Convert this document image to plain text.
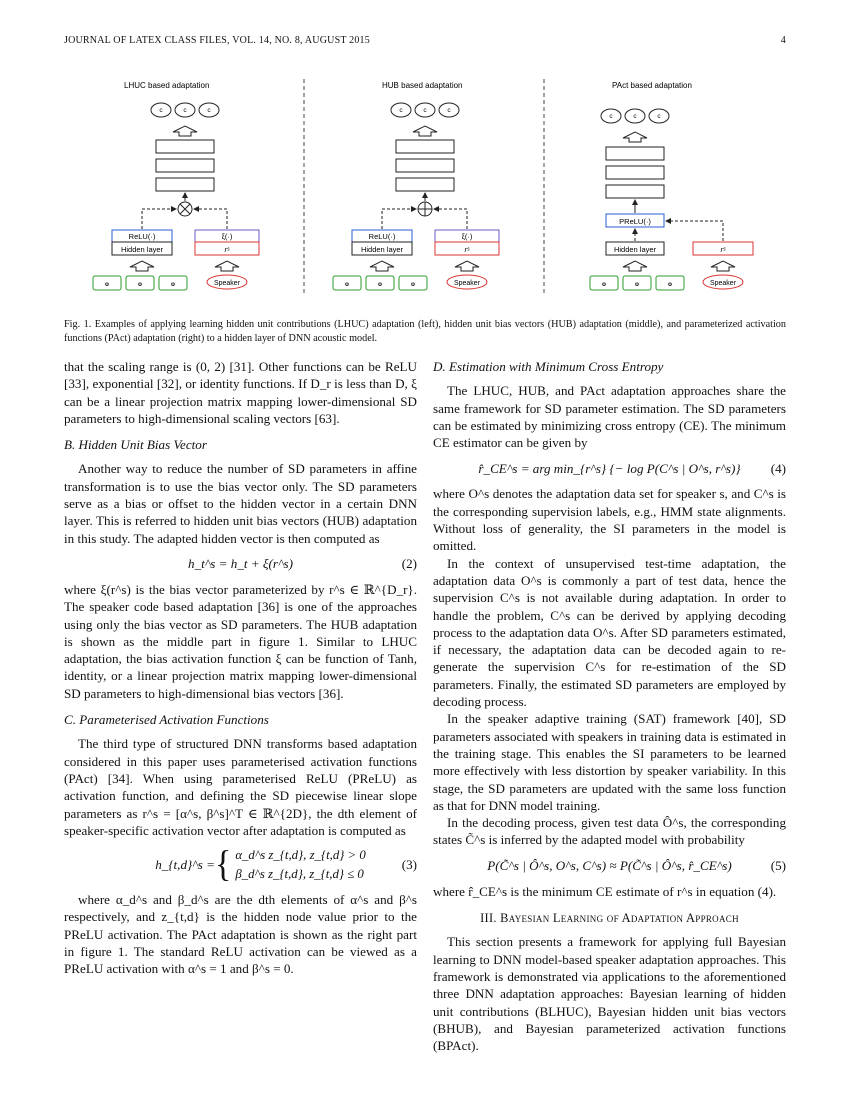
JOURNAL OF LATEX CLASS FILES, VOL. 14, NO. 8, AUGUST 2015	4
LHUC based adaptation
c	c	c
ReLU(·)
Hidden layer
ξ(·)
rˢ
o	o	o	Speaker
HUB based adaptation
c	c	c
ReLU(·)
Hidden layer
ξ(·)
rˢ
o	o	o	Speaker
PAct based adaptation
c	c	c
PReLU(·)
Hidden layer	rˢ
o	o	o	Speaker
Fig. 1. Examples of applying learning hidden unit contributions (LHUC) adaptation (left), hidden unit bias vectors (HUB) adaptation (middle), and parameterized activation functions (PAct) adaptation (right) to a hidden layer of DNN acoustic model.

that the scaling range is (0, 2) [31]. Other functions can be ReLU [33], exponential [32], or identity functions. If D_r is less than D, ξ can be a linear projection matrix mapping lower-dimensional SD parameters to high-dimensional scaling vectors [63].

B. Hidden Unit Bias Vector

Another way to reduce the number of SD parameters in affine transformation is to use the bias vector only. The SD parameters serve as a bias or offset to the hidden vector in a certain DNN layer. This is referred to hidden unit bias vectors (HUB) adaptation in this study. The adapted hidden vector is then computed as

h_t^s = h_t + ξ(r^s)	(2)

where ξ(r^s) is the bias vector parameterized by r^s ∈ ℝ^{D_r}. The speaker code based adaptation [36] is one of the approaches using only the bias vector as SD parameters. The HUB adaptation is shown as the middle part in figure 1. Similar to LHUC adaptation, the bias activation function ξ can be function of Tanh, identity, or a linear projection matrix mapping lower-dimensional SD parameters to high-dimensional bias vectors [36].

C. Parameterised Activation Functions

The third type of structured DNN transforms based adaptation considered in this paper uses parameterised activation functions (PAct) [34]. When using parameterised ReLU (PReLU) as activation function, and defining the SD piecewise linear slope parameters as r^s = [α^s, β^s]^T ∈ ℝ^{2D}, the dth element of speaker-specific activation vector after adaptation is computed as

h_{t,d}^s = { α_d^s z_{t,d}, z_{t,d} > 0
β_d^s z_{t,d}, z_{t,d} ≤ 0
(3)

where α_d^s and β_d^s are the dth elements of α^s and β^s respectively, and z_{t,d} is the hidden node value prior to the PReLU activation. The PAct adaptation is shown as the right part in figure 1. The standard ReLU activation can be viewed as a PReLU activation with α^s = 1 and β^s = 0.

D. Estimation with Minimum Cross Entropy

The LHUC, HUB, and PAct adaptation approaches share the same framework for SD parameter estimation. The SD parameters can be estimated by minimizing cross entropy (CE). The minimum CE estimator can be given by

r̂_CE^s = arg min_{r^s} {− log P(C^s | O^s, r^s)} (4)

where O^s denotes the adaptation data set for speaker s, and C^s is the corresponding supervision labels, e.g., HMM state alignments. Without loss of generality, the SI parameters in the model is omitted.

In the context of unsupervised test-time adaptation, the adaptation data O^s is commonly a part of test data, hence the supervision C^s is not available during adaptation. In order to handle the problem, C^s can be derived by applying decoding process to the adaptation data O^s. After SD parameters estimated, if necessary, the adaptation data can be decoded again to re-generate the supervision C^s for re-estimation of the SD parameters. Finally, the estimated SD parameters are employed by decoding process.

In the speaker adaptive training (SAT) framework [40], SD parameters associated with speakers in training data is estimated in the training stage. This enables the SI parameters to be learned more effectively with less distortion by speaker variability. In this stage, the SD parameters are updated with the same loss function as that for DNN model training.

In the decoding process, given test data Ô^s, the corresponding states C̃^s is inferred by the adapted model with probability

P(C̃^s | Ô^s, O^s, C^s) ≈ P(C̃^s | Ô^s, r̂_CE^s)	(5)

where r̂_CE^s is the minimum CE estimate of r^s in equation (4).

III. Bayesian Learning of Adaptation Approach

This section presents a framework for applying full Bayesian learning to DNN model-based speaker adaptation approaches. This framework is demonstrated via applications to the aforementioned three DNN adaptation approaches: Bayesian learning of hidden unit contributions (BLHUC), Bayesian hidden unit bias vectors (BHUB), and Bayesian parameterized activation functions (BPAct).
